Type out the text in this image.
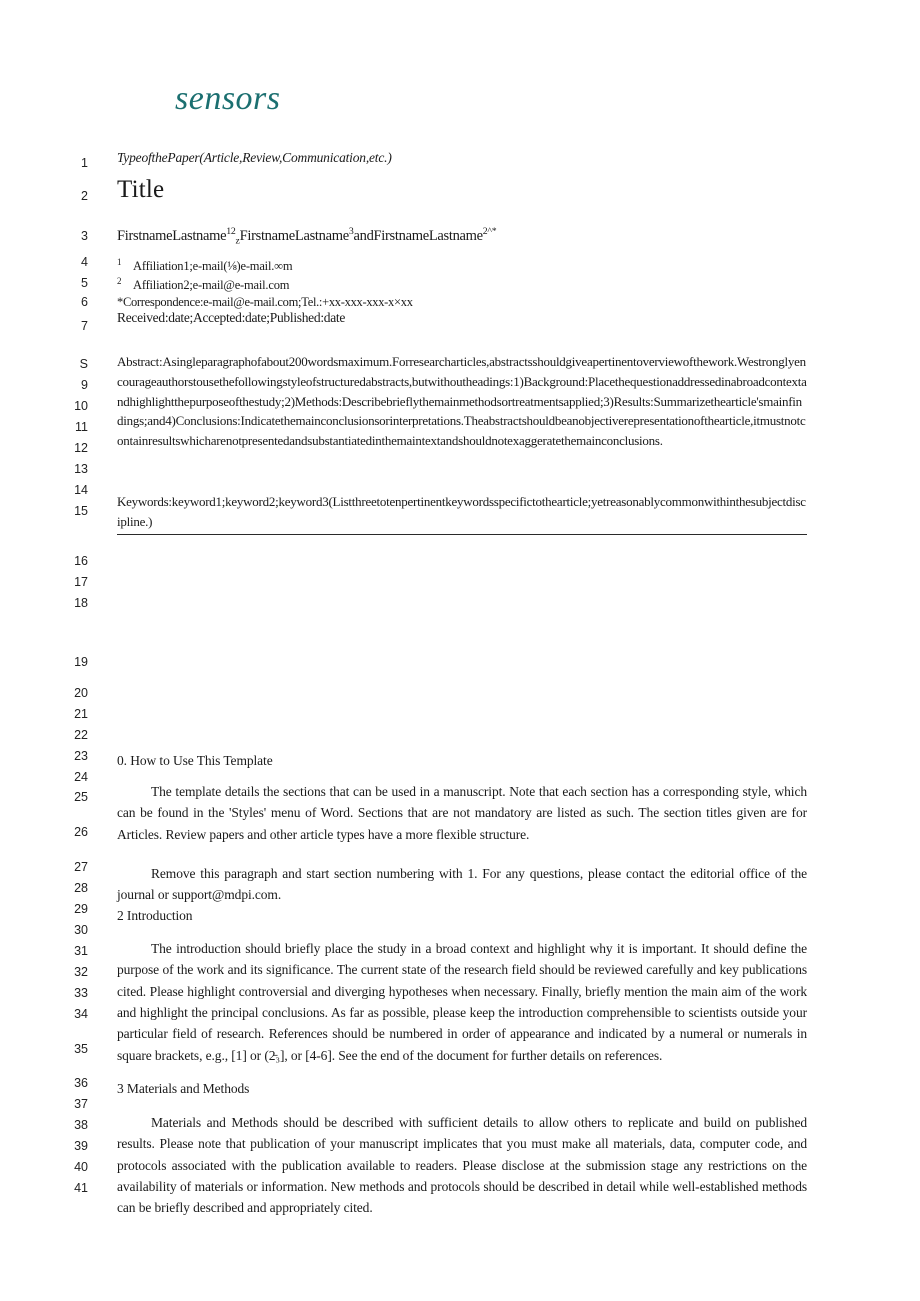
1
2
3
4
5
6
7
S
9
10
11
12
13
14
15
16
17
18
19
20
21
22
23
24
25
26
27
28
29
30
31
32
33
34
35
36
37
38
39
40
41
sensors
TypeofthePaper(Article,Review,Communication,etc.)
Title
FirstnameLastname$^{12}_z$FirstnameLastname$^3$andFirstnameLastname$^{2\^{}*}$
1 Affiliation1;e-mail(⅛)e-mail.∞m
2 Affiliation2;e-mail@e-mail.com
*Correspondence:e-mail@e-mail.com;Tel.:+xx-xxx-xxx-x×xx
Received:date;Accepted:date;Published:date
Abstract:Asingleparagraphofabout200wordsmaximum.Forresearcharticles,abstractsshouldgiveapertinentoverviewofthework.Westronglyencourageauthorstousethefollowingstyleofstructuredabstracts,butwithoutheadings:1)Background:Placethequestionaddressedinabroadcontextandhighlightthepurposeofthestudy;2)Methods:Describebrieflythemainmethodsortreatmentsapplied;3)Results:Summarizethearticle'smainfindings;and4)Conclusions:Indicatethemainconclusionsorinterpretations.Theabstractshouldbeanobjectiverepresentationofthearticle,itmustnotcontainresultswhicharenotpresentedandsubstantiatedinthemaintextandshouldnotexaggeratethemainconclusions.
Keywords:keyword1;keyword2;keyword3(Listthreetotenpertinentkeywordsspecifictothearticle;yetreasonablycommonwithinthesubjectdiscipline.)
0. How to Use This Template
The template details the sections that can be used in a manuscript. Note that each section has a corresponding style, which can be found in the 'Styles' menu of Word. Sections that are not mandatory are listed as such. The section titles given are for Articles. Review papers and other article types have a more flexible structure.
Remove this paragraph and start section numbering with 1. For any questions, please contact the editorial office of the journal or support@mdpi.com.
2 Introduction
The introduction should briefly place the study in a broad context and highlight why it is important. It should define the purpose of the work and its significance. The current state of the research field should be reviewed carefully and key publications cited. Please highlight controversial and diverging hypotheses when necessary. Finally, briefly mention the main aim of the work and highlight the principal conclusions. As far as possible, please keep the introduction comprehensible to scientists outside your particular field of research. References should be numbered in order of appearance and indicated by a numeral or numerals in square brackets, e.g., [1] or (2̵₃], or [4-6]. See the end of the document for further details on references.
3 Materials and Methods
Materials and Methods should be described with sufficient details to allow others to replicate and build on published results. Please note that publication of your manuscript implicates that you must make all materials, data, computer code, and protocols associated with the publication available to readers. Please disclose at the submission stage any restrictions on the availability of materials or information. New methods and protocols should be described in detail while well-established methods can be briefly described and appropriately cited.
